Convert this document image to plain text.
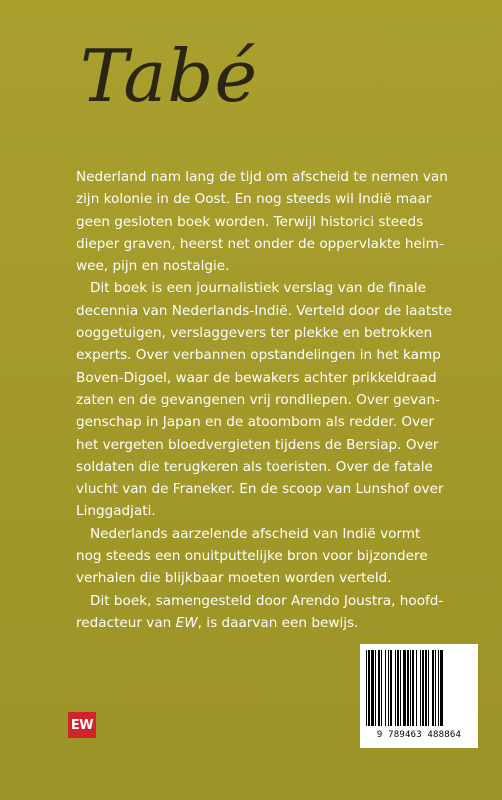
Tabé
Nederland nam lang de tijd om afscheid te nemen van
zijn kolonie in de Oost. En nog steeds wil Indië maar
geen gesloten boek worden. Terwijl historici steeds
dieper graven, heerst net onder de oppervlakte heim-
wee, pijn en nostalgie.
Dit boek is een journalistiek verslag van de finale
decennia van Nederlands-Indië. Verteld door de laatste
ooggetuigen, verslaggevers ter plekke en betrokken
experts. Over verbannen opstandelingen in het kamp
Boven-Digoel, waar de bewakers achter prikkeldraad
zaten en de gevangenen vrij rondliepen. Over gevan-
genschap in Japan en de atoombom als redder. Over
het vergeten bloedvergieten tijdens de Bersiap. Over
soldaten die terugkeren als toeristen. Over de fatale
vlucht van de Franeker. En de scoop van Lunshof over
Linggadjati.
Nederlands aarzelende afscheid van Indië vormt
nog steeds een onuitputtelijke bron voor bijzondere
verhalen die blijkbaar moeten worden verteld.
Dit boek, samengesteld door Arendo Joustra, hoofd-
redacteur van EW, is daarvan een bewijs.
EW
9 789463 488864
